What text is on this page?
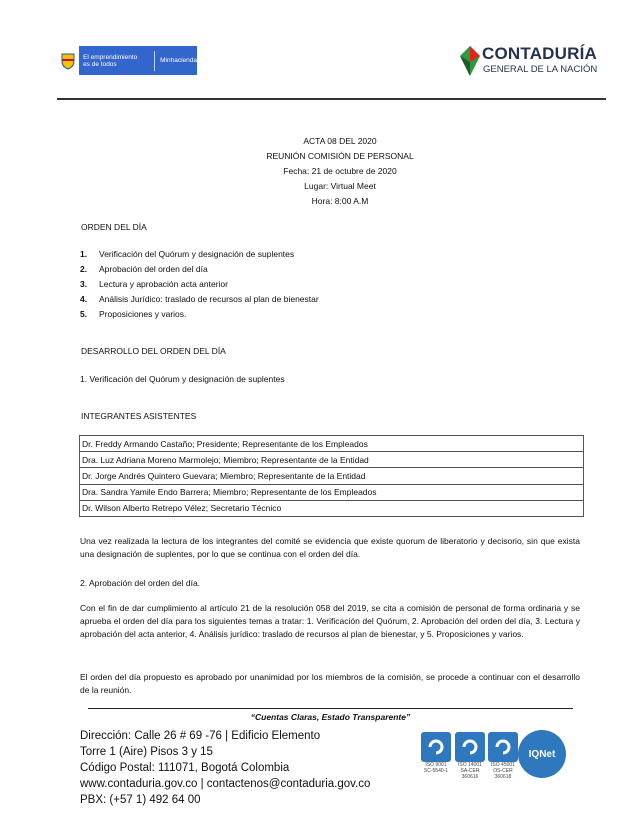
El emprendimiento
es de todos	Minhacienda	CONTADURÍA
GENERAL DE LA NACIÓN
ACTA 08 DEL 2020
REUNIÓN COMISIÓN DE PERSONAL
Fecha: 21 de octubre de 2020
Lugar: Virtual Meet
Hora: 8:00 A.M
ORDEN DEL DÍA
1. Verificación del Quórum y designación de suplentes
2. Aprobación del orden del día
3. Lectura y aprobación acta anterior
4. Análisis Jurídico: traslado de recursos al plan de bienestar
5. Proposiciones y varios.
DESARROLLO DEL ORDEN DEL DÍA
1. Verificación del Quórum y designación de suplentes
INTEGRANTES ASISTENTES
Dr. Freddy Armando Castaño; Presidente; Representante de los Empleados
Dra. Luz Adriana Moreno Marmolejo; Miembro; Representante de la Entidad
Dr. Jorge Andrés Quintero Guevara; Miembro; Representante de la Entidad
Dra. Sandra Yamile Endo Barrera; Miembro; Representante de los Empleados
Dr. Wilson Alberto Retrepo Vélez; Secretario Técnico
Una vez realizada la lectura de los integrantes del comité se evidencia que existe quorum de liberatorio y decisorio, sin que exista una designación de suplentes, por lo que se continua con el orden del día.
2. Aprobación del orden del día.
Con el fin de dar cumplimiento al artículo 21 de la resolución 058 del 2019, se cita a comisión de personal de forma ordinaria y se aprueba el orden del día para los siguientes temas a tratar: 1. Verificación del Quórum, 2. Aprobación del orden del día, 3. Lectura y aprobación del acta anterior, 4. Análisis jurídico: traslado de recursos al plan de bienestar, y 5. Proposiciones y varios.
El orden del día propuesto es aprobado por unanimidad por los miembros de la comisión, se procede a continuar con el desarrollo de la reunión.
“Cuentas Claras, Estado Transparente”
Dirección: Calle 26 # 69 -76 | Edificio Elemento
Torre 1 (Aire) Pisos 3 y 15
Código Postal: 111071, Bogotá Colombia
www.contaduria.gov.co | contactenos@contaduria.gov.co
PBX: (+57 1) 492 64 00
ISO 9001
SC-5540-1
ISO 14001
SA-CER 360616
ISO 45001
OS-CER 360618
IQNet
